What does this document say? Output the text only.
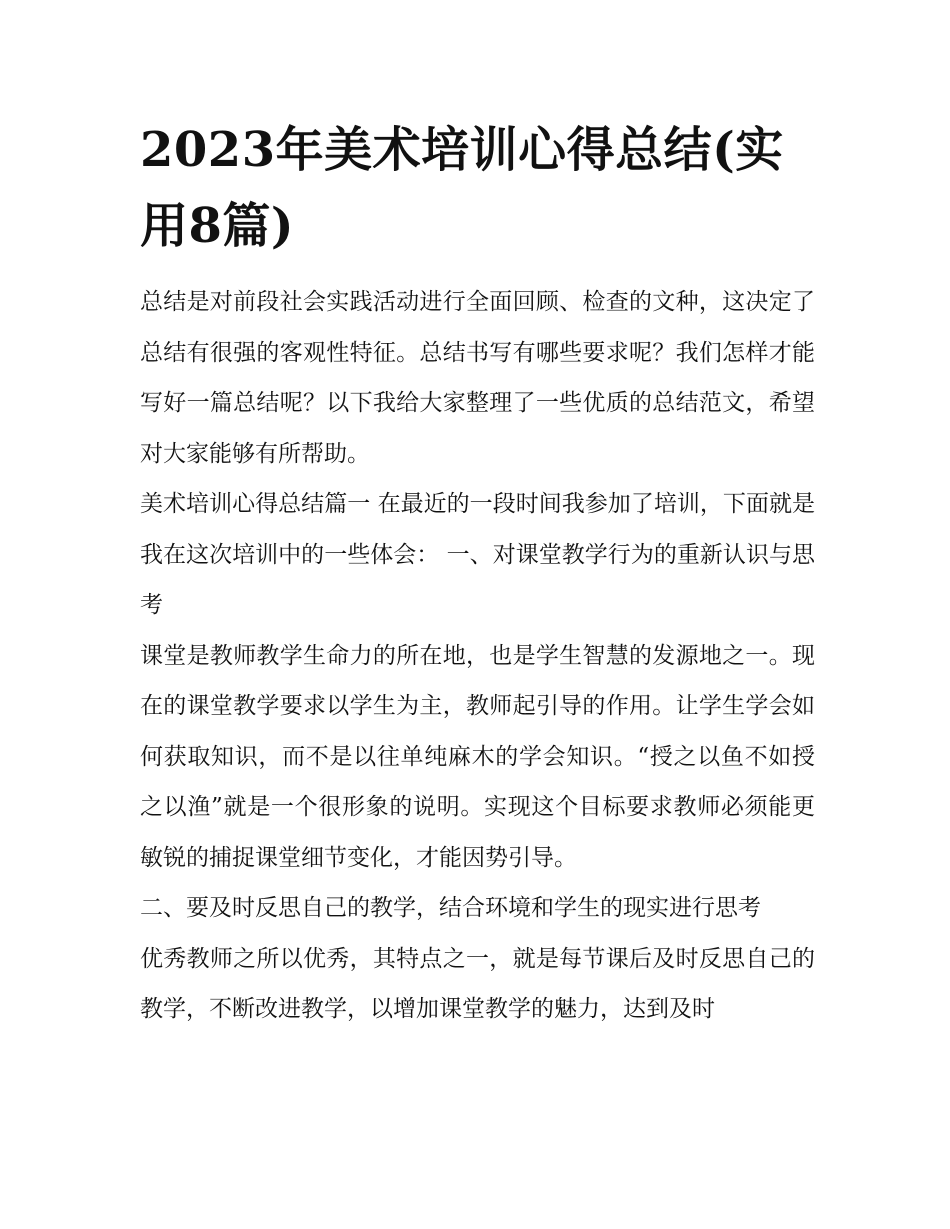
2023年美术培训心得总结(实用8篇)

总结是对前段社会实践活动进行全面回顾、检查的文种，这决定了总结有很强的客观性特征。总结书写有哪些要求呢？我们怎样才能写好一篇总结呢？以下我给大家整理了一些优质的总结范文，希望对大家能够有所帮助。

美术培训心得总结篇一 在最近的一段时间我参加了培训，下面就是我在这次培训中的一些体会： 一、对课堂教学行为的重新认识与思考

课堂是教师教学生命力的所在地，也是学生智慧的发源地之一。现在的课堂教学要求以学生为主，教师起引导的作用。让学生学会如何获取知识，而不是以往单纯麻木的学会知识。“授之以鱼不如授之以渔”就是一个很形象的说明。实现这个目标要求教师必须能更敏锐的捕捉课堂细节变化，才能因势引导。

二、要及时反思自己的教学，结合环境和学生的现实进行思考

优秀教师之所以优秀，其特点之一，就是每节课后及时反思自己的教学，不断改进教学，以增加课堂教学的魅力，达到及时
